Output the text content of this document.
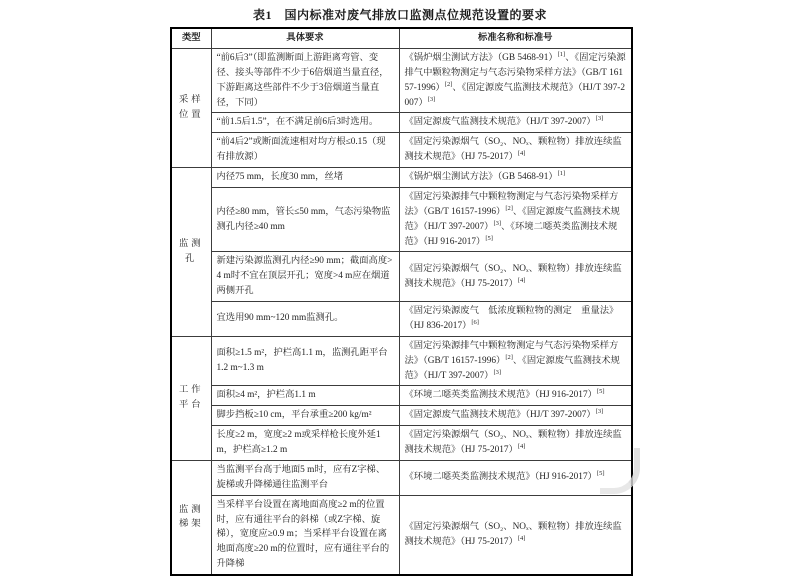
表1　国内标准对废气排放口监测点位规范设置的要求
类型	具体要求	标准名称和标准号
采样位置	“前6后3”（即监测断面上游距离弯管、变径、接头等部件不少于6倍烟道当量直径，下游距离这些部件不少于3倍烟道当量直径，下同）	《锅炉烟尘测试方法》（GB 5468-91）[1]、《固定污染源排气中颗粒物测定与气态污染物采样方法》（GB/T 16157-1996）[2]、《固定源废气监测技术规范》（HJ/T 397-2007）[3]
	“前1.5后1.5”，在不满足前6后3时选用。	《固定源废气监测技术规范》（HJ/T 397-2007）[3]
	“前4后2”或断面流速相对均方根≤0.15（现有排放源）	《固定污染源烟气（SO₂、NOₓ、颗粒物）排放连续监测技术规范》（HJ 75-2017）[4]
监测孔	内径75 mm，长度30 mm，丝堵	《锅炉烟尘测试方法》（GB 5468-91）[1]
	内径≥80 mm，管长≤50 mm，气态污染物监测孔内径≥40 mm	《固定污染源排气中颗粒物测定与气态污染物采样方法》（GB/T 16157-1996）[2]、《固定源废气监测技术规范》（HJ/T 397-2007）[3]、《环境二噁英类监测技术规范》（HJ 916-2017）[5]
	新建污染源监测孔内径≥90 mm；截面高度>4 m时不宜在顶层开孔；宽度>4 m应在烟道两侧开孔	《固定污染源烟气（SO₂、NOₓ、颗粒物）排放连续监测技术规范》（HJ 75-2017）[4]
	宜选用90 mm~120 mm监测孔。	《固定污染源废气　低浓度颗粒物的测定　重量法》（HJ 836-2017）[6]
工作平台	面积≥1.5 m²，护栏高1.1 m，监测孔距平台1.2 m~1.3 m	《固定污染源排气中颗粒物测定与气态污染物采样方法》（GB/T 16157-1996）[2]、《固定源废气监测技术规范》（HJ/T 397-2007）[3]
	面积≥4 m²，护栏高1.1 m	《环境二噁英类监测技术规范》（HJ 916-2017）[5]
	脚步挡板≥10 cm，平台承重≥200 kg/m²	《固定源废气监测技术规范》（HJ/T 397-2007）[3]
	长度≥2 m，宽度≥2 m或采样枪长度外延1 m，护栏高≥1.2 m	《固定污染源烟气（SO₂、NOₓ、颗粒物）排放连续监测技术规范》（HJ 75-2017）[4]
监测梯架	当监测平台高于地面5 m时，应有Z字梯、旋梯或升降梯通往监测平台	《环境二噁英类监测技术规范》（HJ 916-2017）[5]
	当采样平台设置在离地面高度≥2 m的位置时，应有通往平台的斜梯（或Z字梯、旋梯），宽度应≥0.9 m；当采样平台设置在离地面高度≥20 m的位置时，应有通往平台的升降梯	《固定污染源烟气（SO₂、NOₓ、颗粒物）排放连续监测技术规范》（HJ 75-2017）[4]
